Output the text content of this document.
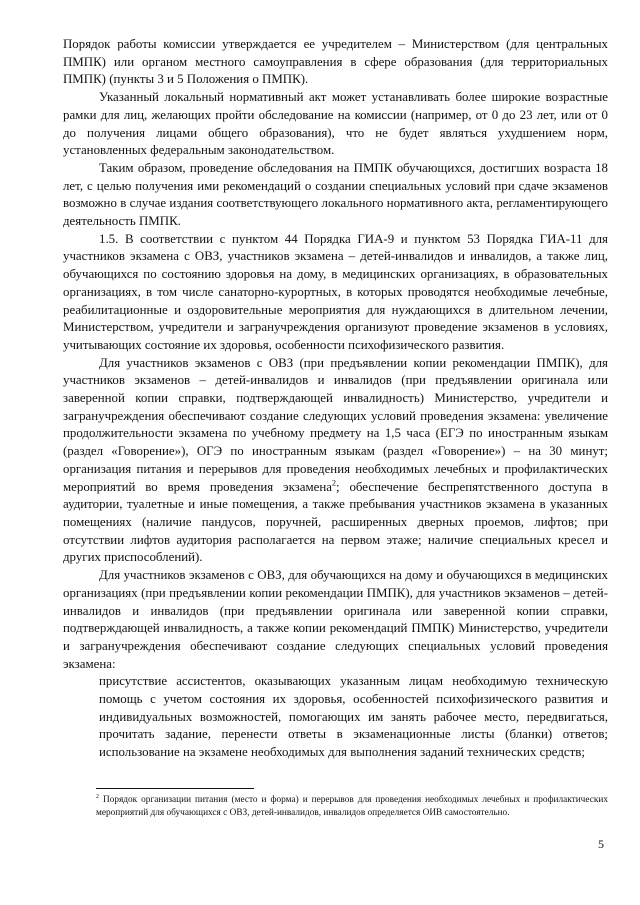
Порядок работы комиссии утверждается ее учредителем – Министерством (для центральных ПМПК) или органом местного самоуправления в сфере образования (для территориальных ПМПК) (пункты 3 и 5 Положения о ПМПК).

Указанный локальный нормативный акт может устанавливать более широкие возрастные рамки для лиц, желающих пройти обследование на комиссии (например, от 0 до 23 лет, или от 0 до получения лицами общего образования), что не будет являться ухудшением норм, установленных федеральным законодательством.

Таким образом, проведение обследования на ПМПК обучающихся, достигших возраста 18 лет, с целью получения ими рекомендаций о создании специальных условий при сдаче экзаменов возможно в случае издания соответствующего локального нормативного акта, регламентирующего деятельность ПМПК.

1.5. В соответствии с пунктом 44 Порядка ГИА-9 и пунктом 53 Порядка ГИА-11 для участников экзамена с ОВЗ, участников экзамена – детей-инвалидов и инвалидов, а также лиц, обучающихся по состоянию здоровья на дому, в медицинских организациях, в образовательных организациях, в том числе санаторно-курортных, в которых проводятся необходимые лечебные, реабилитационные и оздоровительные мероприятия для нуждающихся в длительном лечении, Министерством, учредители и загранучреждения организуют проведение экзаменов в условиях, учитывающих состояние их здоровья, особенности психофизического развития.

Для участников экзаменов с ОВЗ (при предъявлении копии рекомендации ПМПК), для участников экзаменов – детей-инвалидов и инвалидов (при предъявлении оригинала или заверенной копии справки, подтверждающей инвалидность) Министерство, учредители и загранучреждения обеспечивают создание следующих условий проведения экзамена: увеличение продолжительности экзамена по учебному предмету на 1,5 часа (ЕГЭ по иностранным языкам (раздел «Говорение»), ОГЭ по иностранным языкам (раздел «Говорение») – на 30 минут; организация питания и перерывов для проведения необходимых лечебных и профилактических мероприятий во время проведения экзамена$^2$; обеспечение беспрепятственного доступа в аудитории, туалетные и иные помещения, а также пребывания участников экзамена в указанных помещениях (наличие пандусов, поручней, расширенных дверных проемов, лифтов; при отсутствии лифтов аудитория располагается на первом этаже; наличие специальных кресел и других приспособлений).

Для участников экзаменов с ОВЗ, для обучающихся на дому и обучающихся в медицинских организациях (при предъявлении копии рекомендации ПМПК), для участников экзаменов – детей-инвалидов и инвалидов (при предъявлении оригинала или заверенной копии справки, подтверждающей инвалидность, а также копии рекомендаций ПМПК) Министерство, учредители и загранучреждения обеспечивают создание следующих специальных условий проведения экзамена:

присутствие ассистентов, оказывающих указанным лицам необходимую техническую помощь с учетом состояния их здоровья, особенностей психофизического развития и индивидуальных возможностей, помогающих им занять рабочее место, передвигаться, прочитать задание, перенести ответы в экзаменационные листы (бланки) ответов; использование на экзамене необходимых для выполнения заданий технических средств;

$^2$ Порядок организации питания (место и форма) и перерывов для проведения необходимых лечебных и профилактических мероприятий для обучающихся с ОВЗ, детей-инвалидов, инвалидов определяется ОИВ самостоятельно.

5
